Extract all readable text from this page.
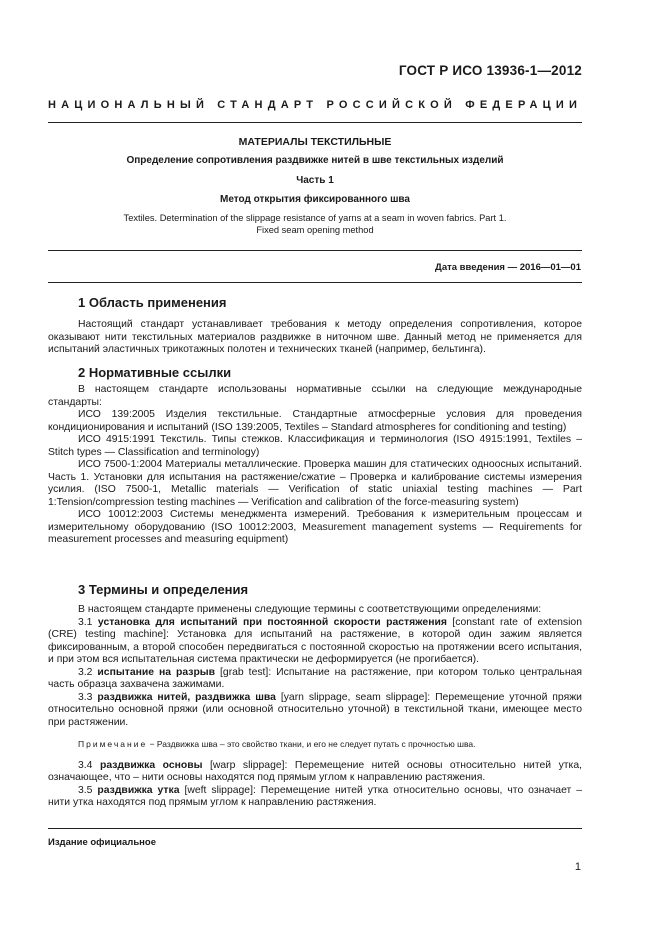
ГОСТ Р ИСО 13936-1—2012
НАЦИОНАЛЬНЫЙ СТАНДАРТ РОССИЙСКОЙ ФЕДЕРАЦИИ
МАТЕРИАЛЫ ТЕКСТИЛЬНЫЕ
Определение сопротивления раздвижке нитей в шве текстильных изделий
Часть 1
Метод открытия фиксированного шва
Textiles. Determination of the slippage resistance of yarns at a seam in woven fabrics. Part 1.
Fixed seam opening method
Дата введения — 2016—01—01
1 Область применения

Настоящий стандарт устанавливает требования к методу определения сопротивления, которое оказывают нити текстильных материалов раздвижке в ниточном шве. Данный метод не применяется для испытаний эластичных трикотажных полотен и технических тканей (например, бельтинга).

2 Нормативные ссылки

В настоящем стандарте использованы нормативные ссылки на следующие международные стандарты:

ИСО 139:2005 Изделия текстильные. Стандартные атмосферные условия для проведения кондиционирования и испытаний (ISO 139:2005, Textiles – Standard atmospheres for conditioning and testing)

ИСО 4915:1991 Текстиль. Типы стежков. Классификация и терминология (ISO 4915:1991, Textiles – Stitch types — Classification and terminology)

ИСО 7500-1:2004 Материалы металлические. Проверка машин для статических одноосных испытаний. Часть 1. Установки для испытания на растяжение/сжатие – Проверка и калибрование системы измерения усилия. (ISO 7500-1, Metallic materials — Verification of static uniaxial testing machines — Part 1:Tension/compression testing machines — Verification and calibration of the force-measuring system)

ИСО 10012:2003 Системы менеджмента измерений. Требования к измерительным процессам и измерительному оборудованию (ISO 10012:2003, Measurement management systems — Requirements for measurement processes and measuring equipment)

3 Термины и определения

В настоящем стандарте применены следующие термины с соответствующими определениями:

3.1 установка для испытаний при постоянной скорости растяжения [constant rate of extension (CRE) testing machine]: Установка для испытаний на растяжение, в которой один зажим является фиксированным, а второй способен передвигаться с постоянной скоростью на протяжении всего испытания, и при этом вся испытательная система практически не деформируется (не прогибается).

3.2 испытание на разрыв [grab test]: Испытание на растяжение, при котором только центральная часть образца захвачена зажимами.

3.3 раздвижка нитей, раздвижка шва [yarn slippage, seam slippage]: Перемещение уточной пряжи относительно основной пряжи (или основной относительно уточной) в текстильной ткани, имеющее место при растяжении.

Примечание − Раздвижка шва – это свойство ткани, и его не следует путать с прочностью шва.

3.4 раздвижка основы [warp slippage]: Перемещение нитей основы относительно нитей утка, означающее, что – нити основы находятся под прямым углом к направлению растяжения.

3.5 раздвижка утка [weft slippage]: Перемещение нитей утка относительно основы, что означает – нити утка находятся под прямым углом к направлению растяжения.

Издание официальное
1
